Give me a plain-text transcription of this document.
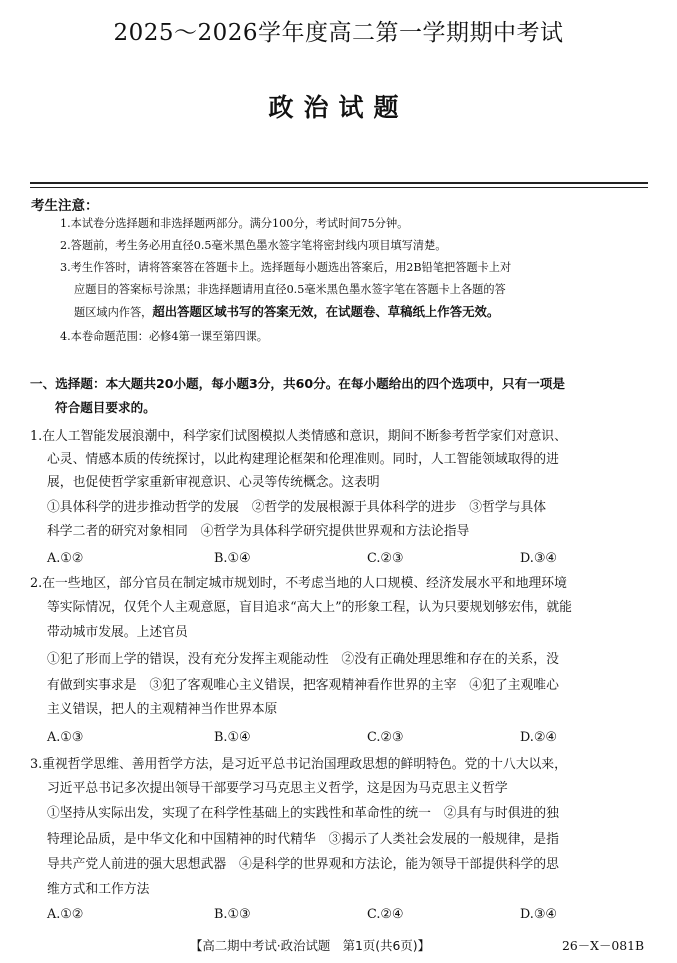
2025～2026学年度高二第一学期期中考试
政治试题
考生注意：
1.本试卷分选择题和非选择题两部分。满分100分，考试时间75分钟。
2.答题前，考生务必用直径0.5毫米黑色墨水签字笔将密封线内项目填写清楚。
3.考生作答时，请将答案答在答题卡上。选择题每小题选出答案后，用2B铅笔把答题卡上对
应题目的答案标号涂黑；非选择题请用直径0.5毫米黑色墨水签字笔在答题卡上各题的答
题区域内作答，超出答题区域书写的答案无效，在试题卷、草稿纸上作答无效。
4.本卷命题范围：必修4第一课至第四课。
一、选择题：本大题共20小题，每小题3分，共60分。在每小题给出的四个选项中，只有一项是
符合题目要求的。
1.在人工智能发展浪潮中，科学家们试图模拟人类情感和意识，期间不断参考哲学家们对意识、
心灵、情感本质的传统探讨，以此构建理论框架和伦理准则。同时，人工智能领域取得的进
展，也促使哲学家重新审视意识、心灵等传统概念。这表明
①具体科学的进步推动哲学的发展　②哲学的发展根源于具体科学的进步　③哲学与具体
科学二者的研究对象相同　④哲学为具体科学研究提供世界观和方法论指导
A.①②	B.①④	C.②③	D.③④
2.在一些地区，部分官员在制定城市规划时，不考虑当地的人口规模、经济发展水平和地理环境
等实际情况，仅凭个人主观意愿，盲目追求“高大上”的形象工程，认为只要规划够宏伟，就能
带动城市发展。上述官员
①犯了形而上学的错误，没有充分发挥主观能动性　②没有正确处理思维和存在的关系，没
有做到实事求是　③犯了客观唯心主义错误，把客观精神看作世界的主宰　④犯了主观唯心
主义错误，把人的主观精神当作世界本原
A.①③	B.①④	C.②③	D.②④
3.重视哲学思维、善用哲学方法，是习近平总书记治国理政思想的鲜明特色。党的十八大以来，
习近平总书记多次提出领导干部要学习马克思主义哲学，这是因为马克思主义哲学
①坚持从实际出发，实现了在科学性基础上的实践性和革命性的统一　②具有与时俱进的独
特理论品质，是中华文化和中国精神的时代精华　③揭示了人类社会发展的一般规律，是指
导共产党人前进的强大思想武器　④是科学的世界观和方法论，能为领导干部提供科学的思
维方式和工作方法
A.①②	B.①③	C.②④	D.③④
【高二期中考试·政治试题　第1页(共6页)】	26－X－081B
